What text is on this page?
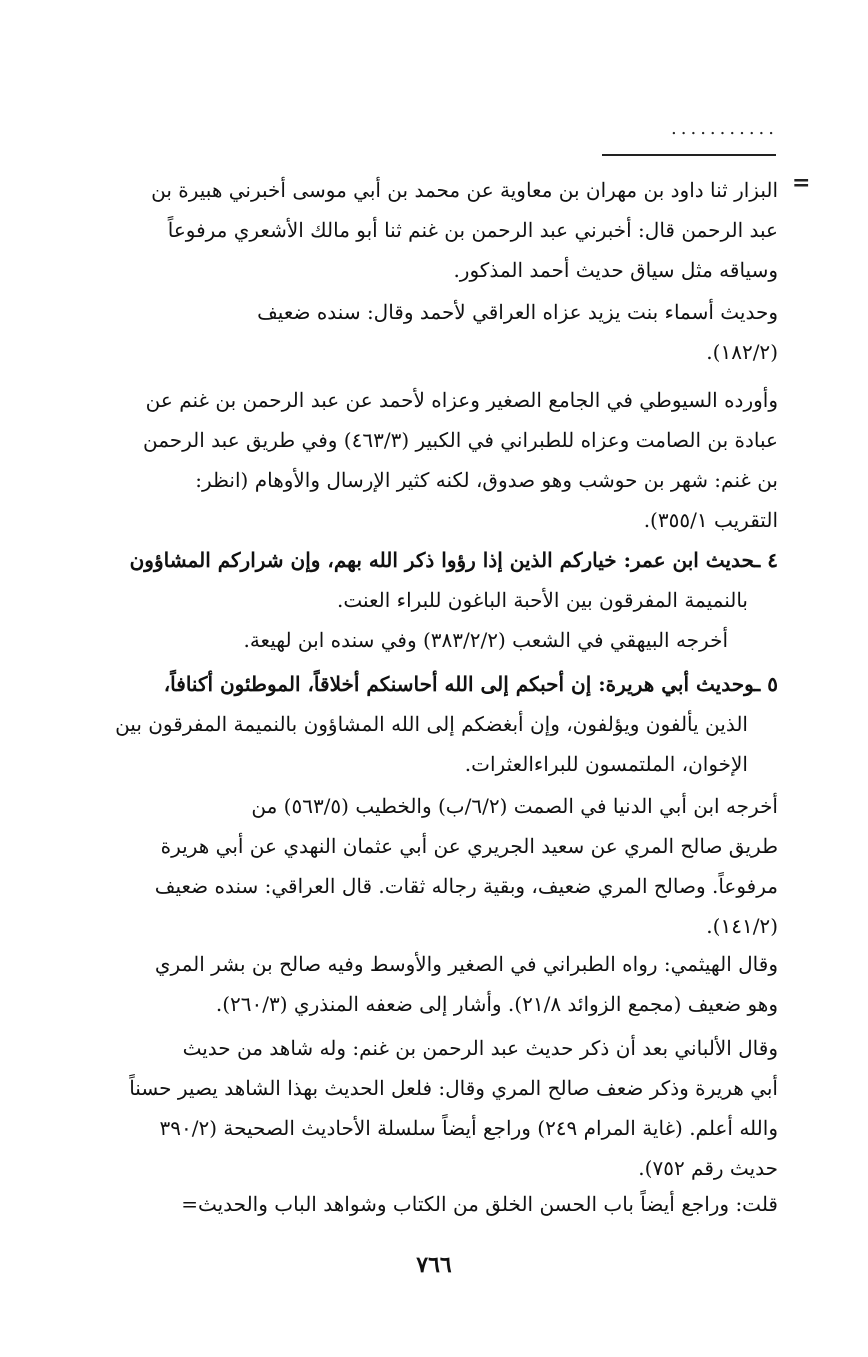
...........
=
البزار ثنا داود بن مهران بن معاوية عن محمد بن أبي موسى أخبرني هبيرة بن
عبد الرحمن قال: أخبرني عبد الرحمن بن غنم ثنا أبو مالك الأشعري مرفوعاً
وسياقه مثل سياق حديث أحمد المذكور.
وحديث أسماء بنت يزيد عزاه العراقي لأحمد وقال: سنده ضعيف
(١٨٢/٢).
وأورده السيوطي في الجامع الصغير وعزاه لأحمد عن عبد الرحمن بن غنم عن
عبادة بن الصامت وعزاه للطبراني في الكبير (٤٦٣/٣) وفي طريق عبد الرحمن
بن غنم: شهر بن حوشب وهو صدوق، لكنه كثير الإرسال والأوهام (انظر:
التقريب ٣٥٥/١).
٤ ـحديث ابن عمر: خياركم الذين إذا رؤوا ذكر الله بهم، وإن شراركم المشاؤون
بالنميمة المفرقون بين الأحبة الباغون للبراء العنت.
أخرجه البيهقي في الشعب (٣٨٣/٢/٢) وفي سنده ابن لهيعة.
٥ ـوحديث أبي هريرة: إن أحبكم إلى الله أحاسنكم أخلاقاً، الموطئون أكنافاً،
الذين يألفون ويؤلفون، وإن أبغضكم إلى الله المشاؤون بالنميمة المفرقون بين
الإخوان، الملتمسون للبراءالعثرات.
أخرجه ابن أبي الدنيا في الصمت (٦/٢/ب) والخطيب (٥٦٣/٥) من
طريق صالح المري عن سعيد الجريري عن أبي عثمان النهدي عن أبي هريرة
مرفوعاً. وصالح المري ضعيف، وبقية رجاله ثقات. قال العراقي: سنده ضعيف
(١٤١/٢).
وقال الهيثمي: رواه الطبراني في الصغير والأوسط وفيه صالح بن بشر المري
وهو ضعيف (مجمع الزوائد ٢١/٨). وأشار إلى ضعفه المنذري (٢٦٠/٣).
وقال الألباني بعد أن ذكر حديث عبد الرحمن بن غنم: وله شاهد من حديث
أبي هريرة وذكر ضعف صالح المري وقال: فلعل الحديث بهذا الشاهد يصير حسناً
والله أعلم. (غاية المرام ٢٤٩) وراجع أيضاً سلسلة الأحاديث الصحيحة (٣٩٠/٢
حديث رقم ٧٥٢).
قلت: وراجع أيضاً باب الحسن الخلق من الكتاب وشواهد الباب والحديث=
٧٦٦
